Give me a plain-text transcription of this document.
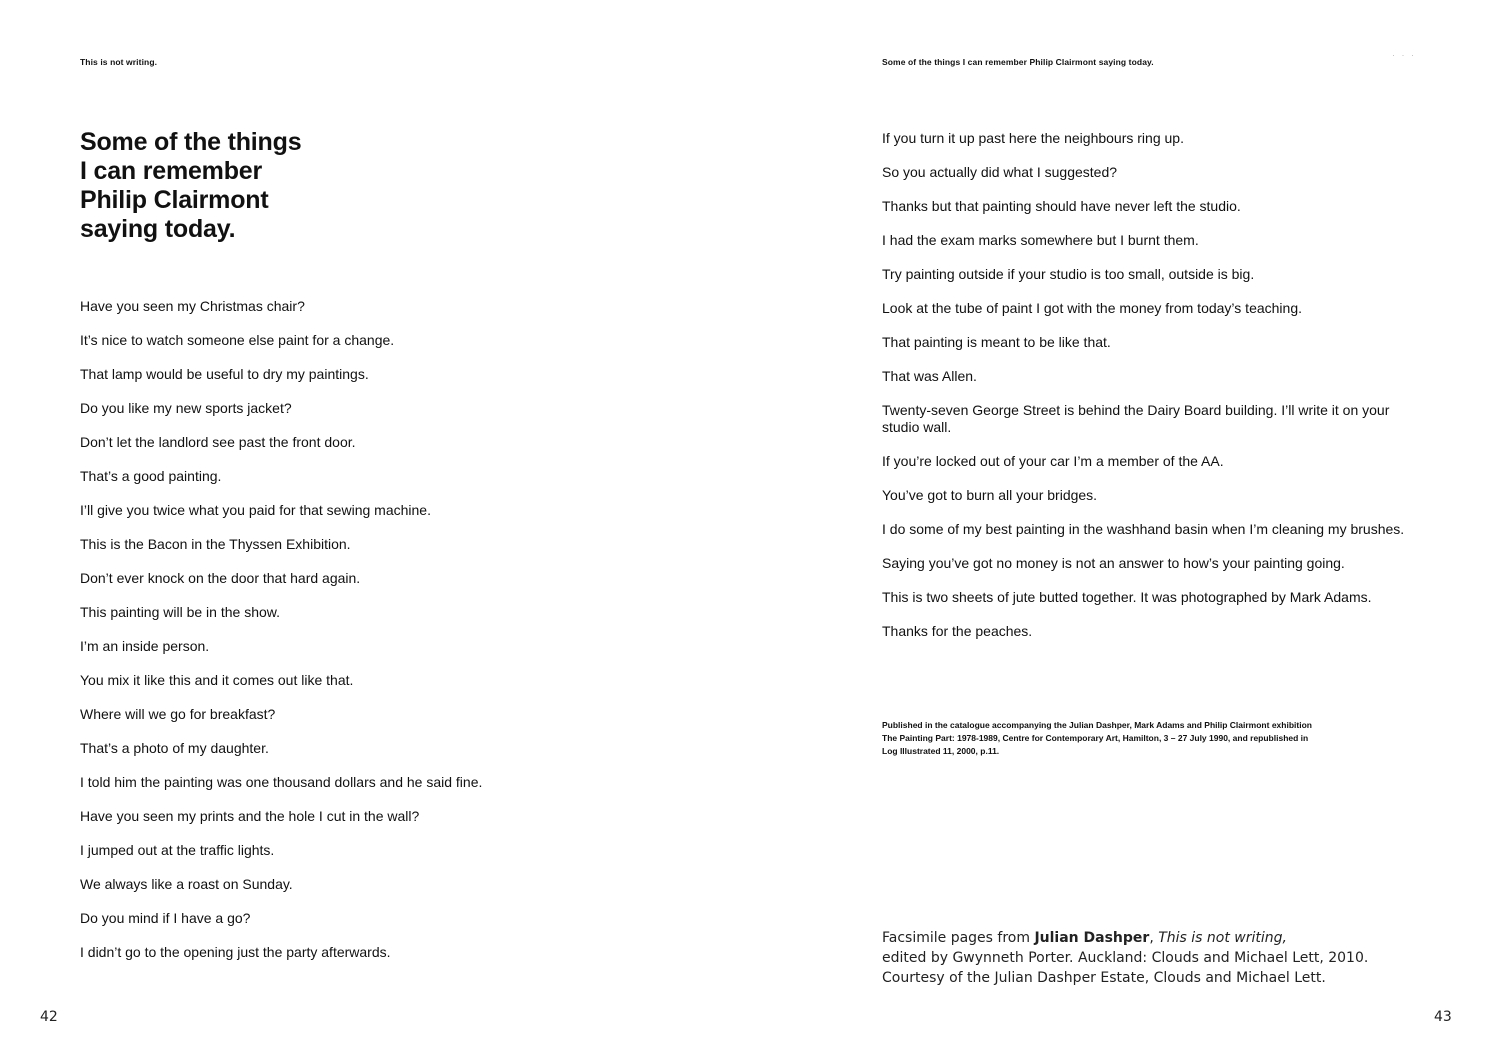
This is not writing.
Some of the things
I can remember
Philip Clairmont
saying today.
Have you seen my Christmas chair?
It’s nice to watch someone else paint for a change.
That lamp would be useful to dry my paintings.
Do you like my new sports jacket?
Don’t let the landlord see past the front door.
That’s a good painting.
I’ll give you twice what you paid for that sewing machine.
This is the Bacon in the Thyssen Exhibition.
Don’t ever knock on the door that hard again.
This painting will be in the show.
I’m an inside person.
You mix it like this and it comes out like that.
Where will we go for breakfast?
That’s a photo of my daughter.
I told him the painting was one thousand dollars and he said fine.
Have you seen my prints and the hole I cut in the wall?
I jumped out at the traffic lights.
We always like a roast on Sunday.
Do you mind if I have a go?
I didn’t go to the opening just the party afterwards.
42
Some of the things I can remember Philip Clairmont saying today.
· · ·
If you turn it up past here the neighbours ring up.
So you actually did what I suggested?
Thanks but that painting should have never left the studio.
I had the exam marks somewhere but I burnt them.
Try painting outside if your studio is too small, outside is big.
Look at the tube of paint I got with the money from today’s teaching.
That painting is meant to be like that.
That was Allen.
Twenty-seven George Street is behind the Dairy Board building. I’ll write it on your studio wall.
If you’re locked out of your car I’m a member of the AA.
You’ve got to burn all your bridges.
I do some of my best painting in the washhand basin when I’m cleaning my brushes.
Saying you’ve got no money is not an answer to how’s your painting going.
This is two sheets of jute butted together. It was photographed by Mark Adams.
Thanks for the peaches.

Published in the catalogue accompanying the Julian Dashper, Mark Adams and Philip Clairmont exhibition
The Painting Part: 1978-1989, Centre for Contemporary Art, Hamilton, 3 – 27 July 1990, and republished in
Log Illustrated 11, 2000, p.11.

Facsimile pages from Julian Dashper, This is not writing,
edited by Gwynneth Porter. Auckland: Clouds and Michael Lett, 2010.
Courtesy of the Julian Dashper Estate, Clouds and Michael Lett.

43
